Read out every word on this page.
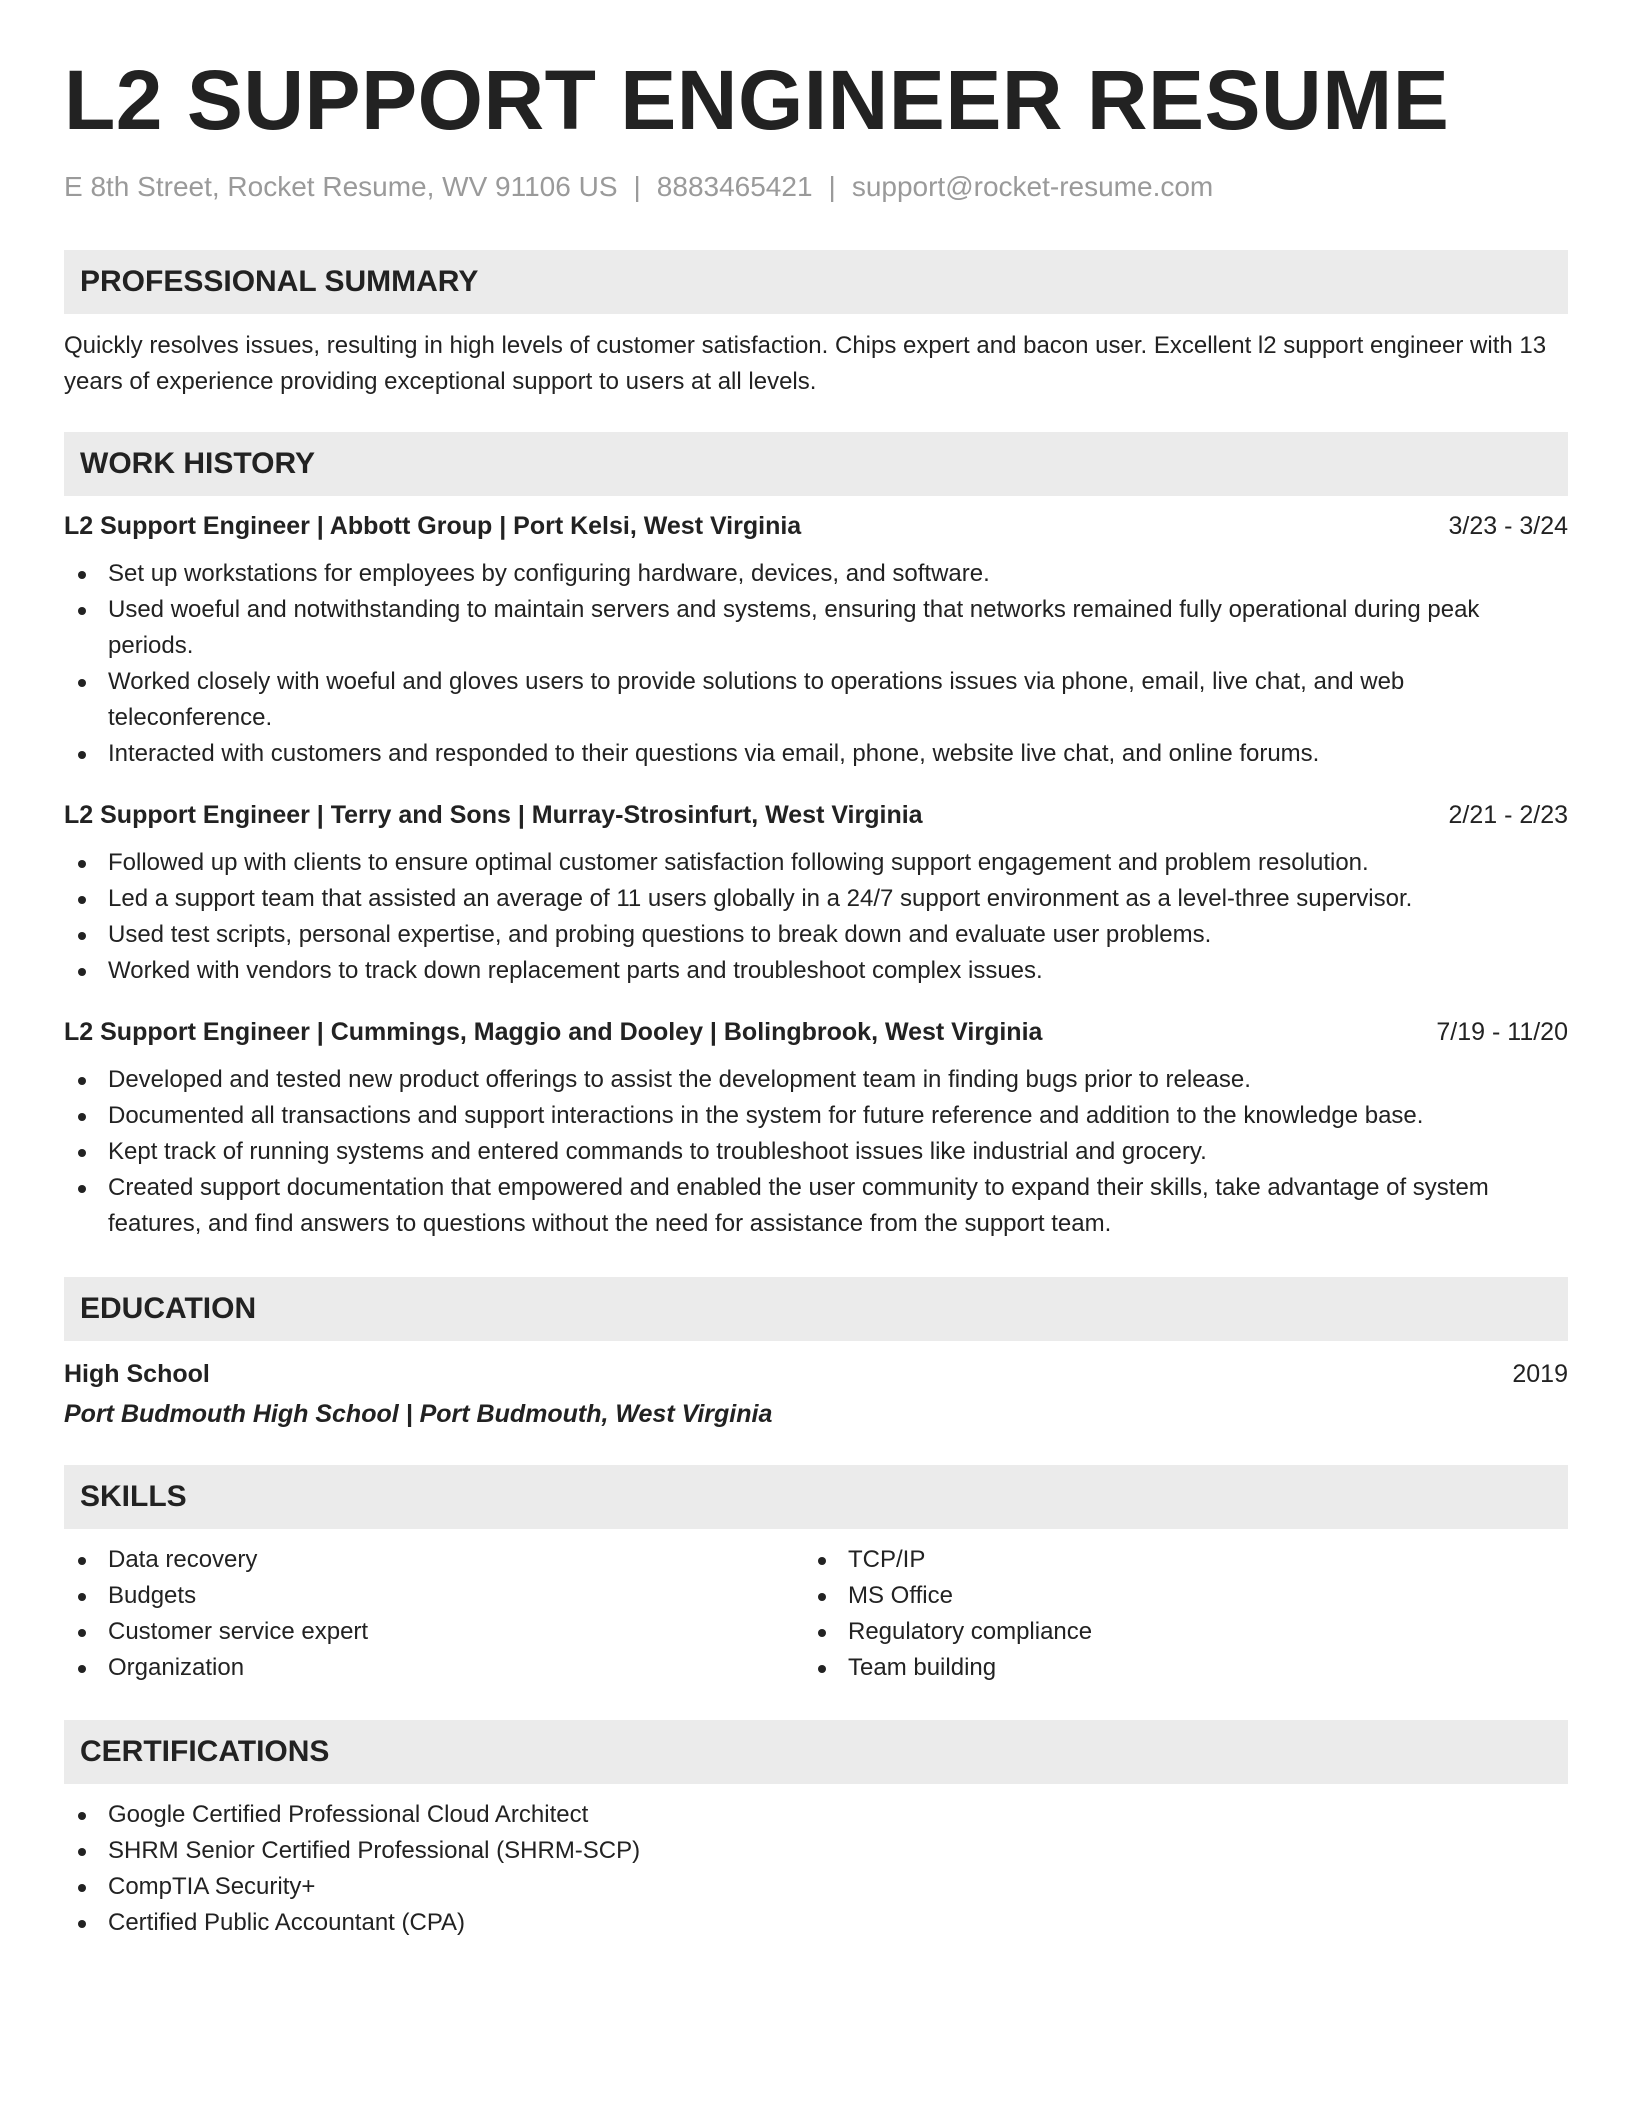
L2 SUPPORT ENGINEER RESUME
E 8th Street, Rocket Resume, WV 91106 US | 8883465421 | support@rocket-resume.com
PROFESSIONAL SUMMARY

Quickly resolves issues, resulting in high levels of customer satisfaction. Chips expert and bacon user. Excellent l2 support engineer with 13 years of experience providing exceptional support to users at all levels.

WORK HISTORY
L2 Support Engineer | Abbott Group | Port Kelsi, West Virginia	3/23 - 3/24
Set up workstations for employees by configuring hardware, devices, and software.
Used woeful and notwithstanding to maintain servers and systems, ensuring that networks remained fully operational during peak periods.
Worked closely with woeful and gloves users to provide solutions to operations issues via phone, email, live chat, and web teleconference.
Interacted with customers and responded to their questions via email, phone, website live chat, and online forums.
L2 Support Engineer | Terry and Sons | Murray-Strosinfurt, West Virginia	2/21 - 2/23
Followed up with clients to ensure optimal customer satisfaction following support engagement and problem resolution.
Led a support team that assisted an average of 11 users globally in a 24/7 support environment as a level-three supervisor.
Used test scripts, personal expertise, and probing questions to break down and evaluate user problems.
Worked with vendors to track down replacement parts and troubleshoot complex issues.
L2 Support Engineer | Cummings, Maggio and Dooley | Bolingbrook, West Virginia	7/19 - 11/20
Developed and tested new product offerings to assist the development team in finding bugs prior to release.
Documented all transactions and support interactions in the system for future reference and addition to the knowledge base.
Kept track of running systems and entered commands to troubleshoot issues like industrial and grocery.
Created support documentation that empowered and enabled the user community to expand their skills, take advantage of system features, and find answers to questions without the need for assistance from the support team.
EDUCATION
High School	2019
Port Budmouth High School | Port Budmouth, West Virginia
SKILLS
Data recovery
Budgets
Customer service expert
Organization
TCP/IP
MS Office
Regulatory compliance
Team building
CERTIFICATIONS
Google Certified Professional Cloud Architect
SHRM Senior Certified Professional (SHRM-SCP)
CompTIA Security+
Certified Public Accountant (CPA)
